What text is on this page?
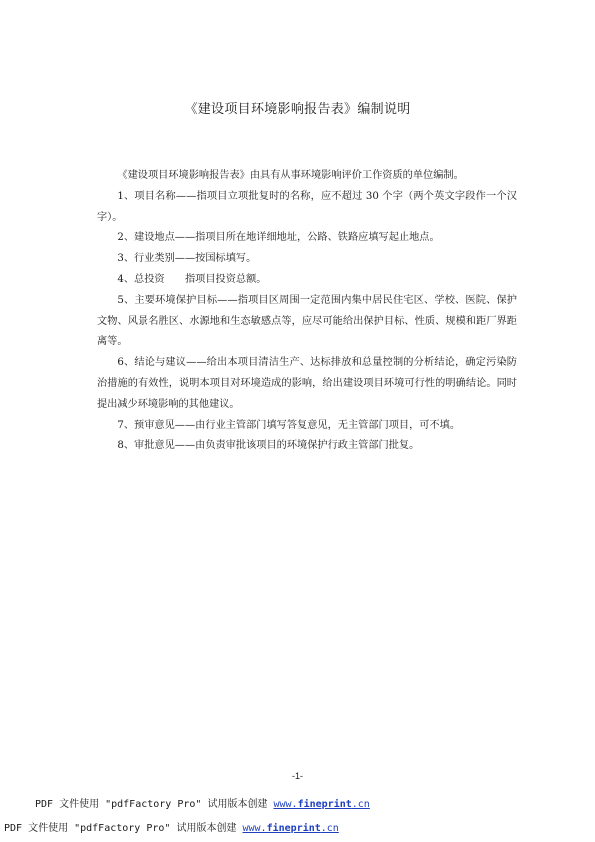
《建设项目环境影响报告表》编制说明

《建设项目环境影响报告表》由具有从事环境影响评价工作资质的单位编制。

1、项目名称——指项目立项批复时的名称，应不超过 30 个字（两个英文字段作一个汉字）。

2、建设地点——指项目所在地详细地址，公路、铁路应填写起止地点。

3、行业类别——按国标填写。

4、总投资　　指项目投资总额。

5、主要环境保护目标——指项目区周围一定范围内集中居民住宅区、学校、医院、保护文物、风景名胜区、水源地和生态敏感点等，应尽可能给出保护目标、性质、规模和距厂界距离等。

6、结论与建议——给出本项目清洁生产、达标排放和总量控制的分析结论，确定污染防治措施的有效性，说明本项目对环境造成的影响，给出建设项目环境可行性的明确结论。同时提出减少环境影响的其他建议。

7、预审意见——由行业主管部门填写答复意见，无主管部门项目，可不填。

8、审批意见——由负责审批该项目的环境保护行政主管部门批复。

-1-
PDF 文件使用 "pdfFactory Pro" 试用版本创建 www.fineprint.cn
PDF 文件使用 "pdfFactory Pro" 试用版本创建 www.fineprint.cn
